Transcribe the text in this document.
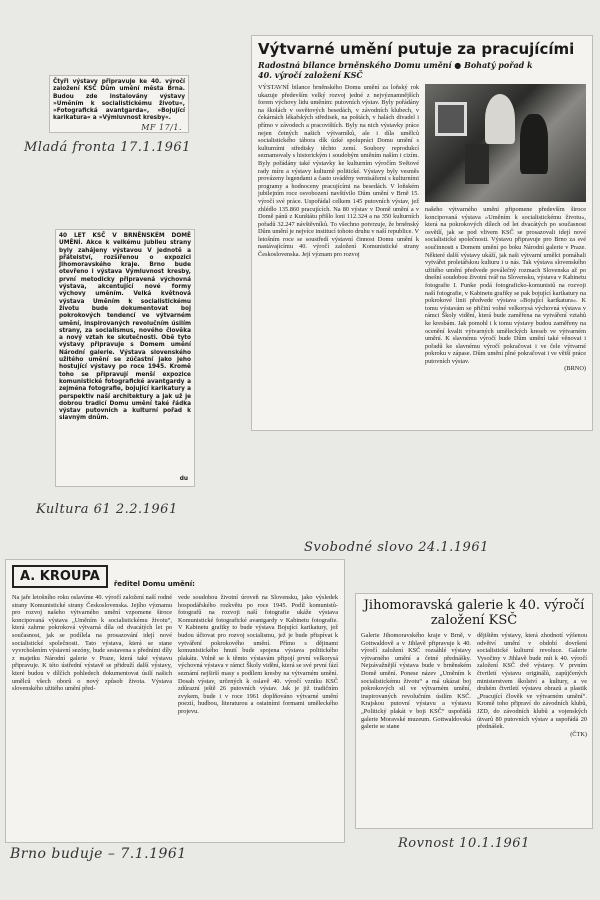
Čtyři výstavy připravuje ke 40. výročí založení KSČ Dům umění města Brna. Budou zde instalovány výstavy »Uměním k socialistickému životu«, »Fotografická avantgarda«, »Bojující karikatura« a »Výmluvnost kresby«.

MF 17/1.
Mladá fronta 17.1.1961

40 LET KSČ V BRNĚNSKÉM DOMĚ UMĚNÍ. Akce k velkému jubileu strany byly zahájeny výstavou V jednotě a přátelství, rozšířenou o expozici Jihomoravského kraje. Brno bude otevřeno i výstava Výmluvnost kresby, první metodicky připravená výchovná výstava, akcentující nové formy výchovy uměním. Velká květnová výstava Uměním k socialistickému životu bude dokumentovat boj pokrokových tendencí ve výtvarném umění, inspirovaných revolučním úsilím strany, za socialismus, nového člověka a nový vztah ke skutečnosti. Obě tyto výstavy připravuje s Domem umění Národní galerie. Výstava slovenského užitého umění se zúčastní jako jeho hostující výstavy po roce 1945. Kromě toho se připravují menší expozice komunistické fotografické avantgardy a zejména fotografie, bojující karikatury a perspektiv naší architektury a jak už je dobrou tradicí Domu umění také řádka výstav putovních a kulturní pořad k slavným dnům.

du
Kultura 61 2.2.1961
Výtvarné umění putuje za pracujícími
Radostná bilance brněnského Domu umění ● Bohatý pořad k 40. výročí založení KSČ

VÝSTAVNÍ bilance brněnského Domu umění za loňský rok ukazuje především velký rozvoj jedné z nejvýznamnějších forem výchovy lidu uměním: putovních výstav. Byly pořádány na školách v osvětových besedách, v závodních klubech, v čekárnách lékařských středisek, na poštách, v halách divadel i přímo v závodech a pracovištích. Byly na nich výstavky práce nejen četných našich výtvarníků, ale i díla umělců socialistického tábora dík úzké spolupráci Domu umění s kulturními středisky těchto zemí. Soubory reprodukcí seznamovaly s historickým i soudobým uměním naším i cizím. Byly pořádány také výstavky ke kulturním výročím Světové rady míru a výstavy kulturně politické. Výstavy byly vesměs provázeny legendami a často uváděny vernisážemi s kulturními programy a hodnoceny pracujícími na besedách. V loňském jubilejním roce osvobození navštívilo Dům umění v Brně 15. výročí své práce. Uspořádal celkem 145 putovních výstav, jež zhlédlo 135.860 pracujících. Na 80 výstav v Domě umění a v Domě pánů z Kunštátu přišlo loni 112.324 a na 350 kulturních pořadů 32.247 návštěvníků. To všechno potvrzuje, že brněnský Dům umění je nejvíce institucí tohoto druhu v naší republice. V letošním roce se soustředí výstavní činnost Domu umění k nastávajícímu 40. výročí založení Komunistické strany Československa. Její význam pro rozvoj

našeho výtvarného umění připomene především široce koncipovaná výstava »Uměním k socialistickému životu«, která na pokrokových dílech od let dvacátých po současnost osvětlí, jak se pod vlivem KSČ se prosazovali idejí nové socialistické společnosti. Výstavu připravuje pro Brno za své součinnosti s Domem umění po boku Národní galerie v Praze. Některé další výstavy ukáží, jak naši výtvarní umělci pomáhali vytvářet proletářskou kulturu i u nás. Tak výstava slovenského užitého umění předvede poválečný rozmach Slovenska až po dnešní soudobou životní tvář na Slovensku, výstava v Kabinetu fotografie I. Funke podá fotograficko-komunistů na rozvoji naší fotografie, v Kabinetu grafiky se pak bojující karikatury na pokrokové linii předvede výstava »Bojující karikatura«. K tomu výstavám se přičiní volné velkorysá výchovná výstava v rámci Školy vidění, která bude zaměřena na vytváření vztahů ke kresbám. Jak pomohl i k tomu výstavy budou zaměřeny na ocenění kvalit výtvarných uměleckých kreseb ve výtvarném umění. K slavnému výročí bude Dům umění také věnovat i pořadů ke slavnému výročí pokračovat i ve čele výtvarné pokroku v zápase. Dům umění plné pokračovat i ve větší práce putovních výstav.

(BRNO)

Svobodné slovo 24.1.1961
A. KROUPA	ředitel Domu umění:

Na jaře letošního roku oslavíme 40. výročí založení naší rodné strany Komunistické strany Československa. Jejího významu pro rozvoj našeho výtvarného umění vzpomene široce koncipovaná výstava „Uměním k socialistickému životu“, která zahrne pokroková výtvarná díla od dvacátých let po současnost, jak se podílela na prosazování idejí nové socialistické společnosti. Tato výstava, která se stane vyvrcholením výstavní sezóny, bude sestavena s předními díly z majetku Národní galerie v Praze, která také výstavu připravuje. K této ústřední výstavě se přidruží další výstavy, které budou v dílčích pohledech dokumentovat úsilí našich umělců všech oborů o nový způsob života. Výstava slovenského užitého umění před-

vede soudobou životní úroveň na Slovensku, jako výsledek hospodářského rozkvětu po roce 1945. Podíl komunistů-fotografů na rozvoji naší fotografie ukáže výstava Komunistické fotografické avantgardy v Kabinetu fotografie. V Kabinetu grafiky to bude výstava Bojující karikatury, jež budou účtovat pro rozvoj socialismu, jež je bude přispívat k vytváření pokrokového umění. Přímo s dějinami komunistického hnutí bude spojena výstava politického plakátu. Volně se k těmto výstavám připojí první velkorysá výchovná výstava v rámci Školy vidění, která se své první fází seznámí nejširší masy s podílem kresby na výtvarném umění. Dosah výstav, určených k oslavě 40. výročí vzniku KSČ zdůrazní ještě 26 putovních výstav. Jak je již tradičním zvykem, bude i v roce 1961 doplňováno výtvarné umění poezií, hudbou, literaturou a ostatními formami uměleckého projevu.

Brno buduje – 7.1.1961
Jihomoravská galerie k 40. výročí založení KSČ

Galerie Jihomoravského kraje v Brně, v Gottwaldově a v Jihlavě připravuje k 40. výročí založení KSČ rozsáhlé výstavy výtvarného umění a četné přednášky. Nejzávažnější výstava bude v brněnském Domě umění. Ponese název „Uměním k socialistickému životu“ a má ukázat boj pokrokových sil ve výtvarném umění, inspirovaných revolučním úsilím KSČ. Krajskou putovní výstavu a výstavu „Politický plakát v boji KSČ“ uspořádá galerie Moravské muzeum. Gottwaldovská galerie se stane

dějištěm výstavy, která zhodnotí výšenou odvětví umění v období dovršení socialistické kulturní revoluce. Galerie Vysočiny v Jihlavě bude mít k 40. výročí založení KSČ dvě výstavy. V prvním čtvrtletí výstavu originálů, zapůjčených ministerstvem školství a kultury, a ve druhém čtvrtletí výstavu obrazů a plastik „Pracující člověk ve výtvarném umění“. Kromě toho připraví do závodních klubů, JZD, do závodních klubů a vojenských útvarů 80 putovních výstav a uspořádá 20 přednášek.

(ČTK)

Rovnost 10.1.1961
